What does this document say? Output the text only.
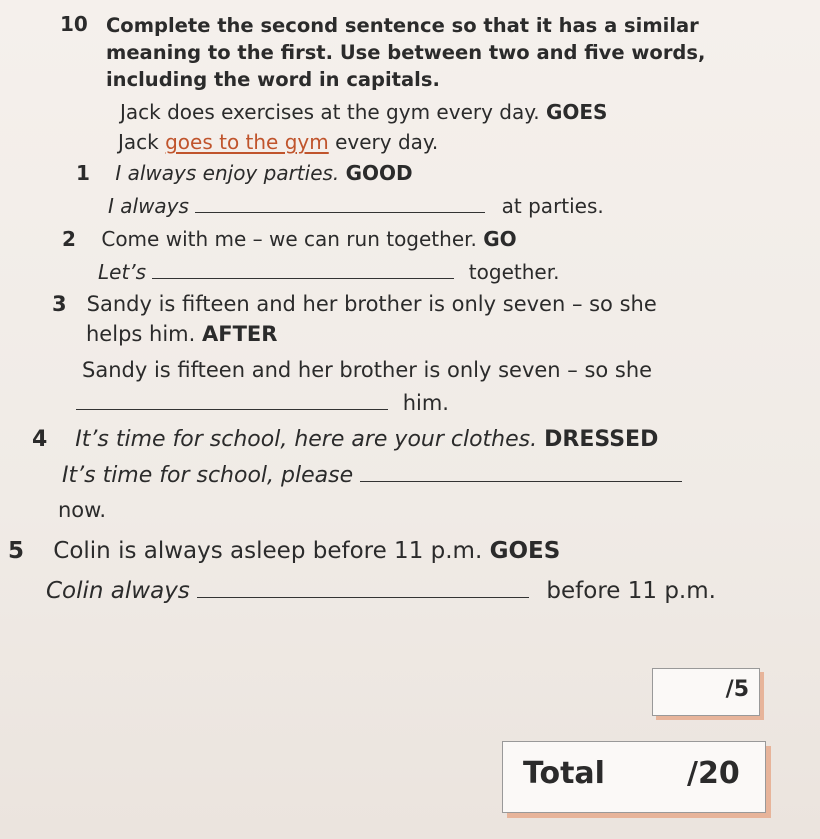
10 Complete the second sentence so that it has a similar meaning to the first. Use between two and five words, including the word in capitals.
Jack does exercises at the gym every day. GOES
Jack goes to the gym every day.
1 I always enjoy parties. GOOD
I always	at parties.
2 Come with me – we can run together. GO
Let’s	together.
3 Sandy is fifteen and her brother is only seven – so she
helps him. AFTER
Sandy is fifteen and her brother is only seven – so she
him.
4 It’s time for school, here are your clothes. DRESSED
It’s time for school, please
now.
5 Colin is always asleep before 11 p.m. GOES
Colin always	before 11 p.m.
/5
Total	/20
